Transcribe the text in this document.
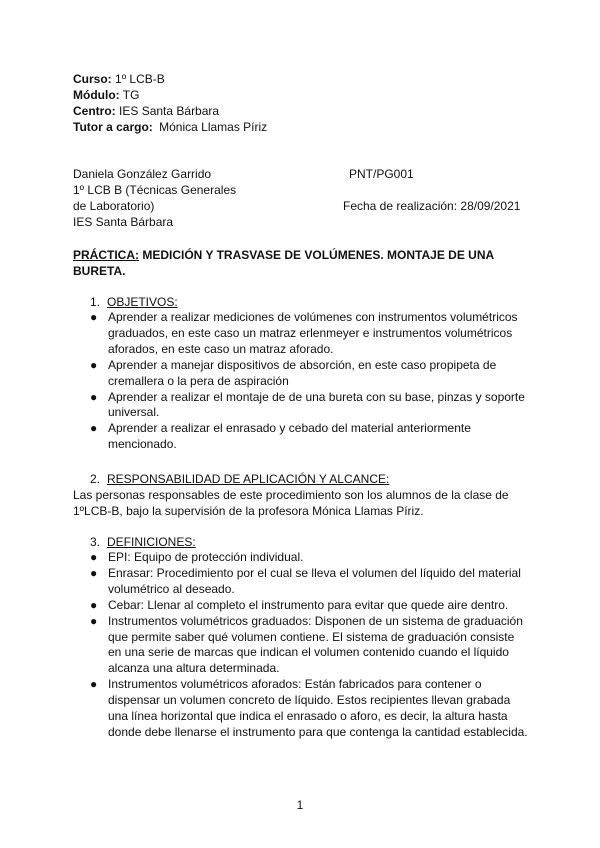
Curso: 1º LCB-B
Módulo: TG
Centro: IES Santa Bárbara
Tutor a cargo: Mónica Llamas Píriz
Daniela González Garrido
1º LCB B (Técnicas Generales
de Laboratorio)
IES Santa Bárbara
PNT/PG001
Fecha de realización: 28/09/2021
PRÁCTICA: MEDICIÓN Y TRASVASE DE VOLÚMENES. MONTAJE DE UNA BURETA.
1. OBJETIVOS:
● Aprender a realizar mediciones de volúmenes con instrumentos volumétricos graduados, en este caso un matraz erlenmeyer e instrumentos volumétricos aforados, en este caso un matraz aforado.
● Aprender a manejar dispositivos de absorción, en este caso propipeta de cremallera o la pera de aspiración
● Aprender a realizar el montaje de de una bureta con su base, pinzas y soporte universal.
● Aprender a realizar el enrasado y cebado del material anteriormente mencionado.
2. RESPONSABILIDAD DE APLICACIÓN Y ALCANCE:
Las personas responsables de este procedimiento son los alumnos de la clase de 1ºLCB-B, bajo la supervisión de la profesora Mónica Llamas Píriz.
3. DEFINICIONES:
● EPI: Equipo de protección individual.
● Enrasar: Procedimiento por el cual se lleva el volumen del líquido del material volumétrico al deseado.
● Cebar: Llenar al completo el instrumento para evitar que quede aire dentro.
● Instrumentos volumétricos graduados: Disponen de un sistema de graduación que permite saber qué volumen contiene. El sistema de graduación consiste en una serie de marcas que indican el volumen contenido cuando el líquido alcanza una altura determinada.
● Instrumentos volumétricos aforados: Están fabricados para contener o dispensar un volumen concreto de líquido. Estos recipientes llevan grabada una línea horizontal que indica el enrasado o aforo, es decir, la altura hasta donde debe llenarse el instrumento para que contenga la cantidad establecida.
1
